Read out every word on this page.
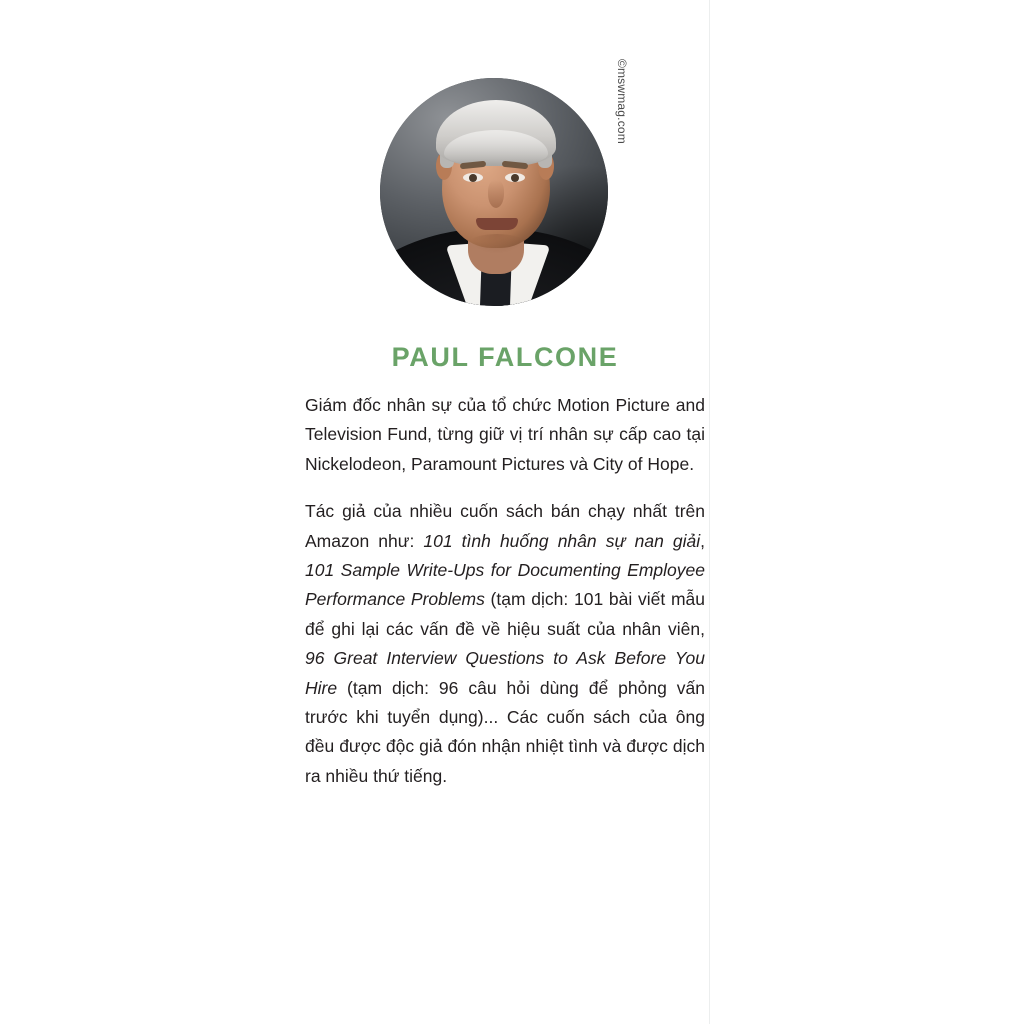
©mswmag.com
PAUL FALCONE

Giám đốc nhân sự của tổ chức Motion Picture and Television Fund, từng giữ vị trí nhân sự cấp cao tại Nickelodeon, Paramount Pictures và City of Hope.

Tác giả của nhiều cuốn sách bán chạy nhất trên Amazon như: 101 tình huống nhân sự nan giải, 101 Sample Write-Ups for Documenting Employee Performance Problems (tạm dịch: 101 bài viết mẫu để ghi lại các vấn đề về hiệu suất của nhân viên, 96 Great Interview Questions to Ask Before You Hire (tạm dịch: 96 câu hỏi dùng để phỏng vấn trước khi tuyển dụng)... Các cuốn sách của ông đều được độc giả đón nhận nhiệt tình và được dịch ra nhiều thứ tiếng.
